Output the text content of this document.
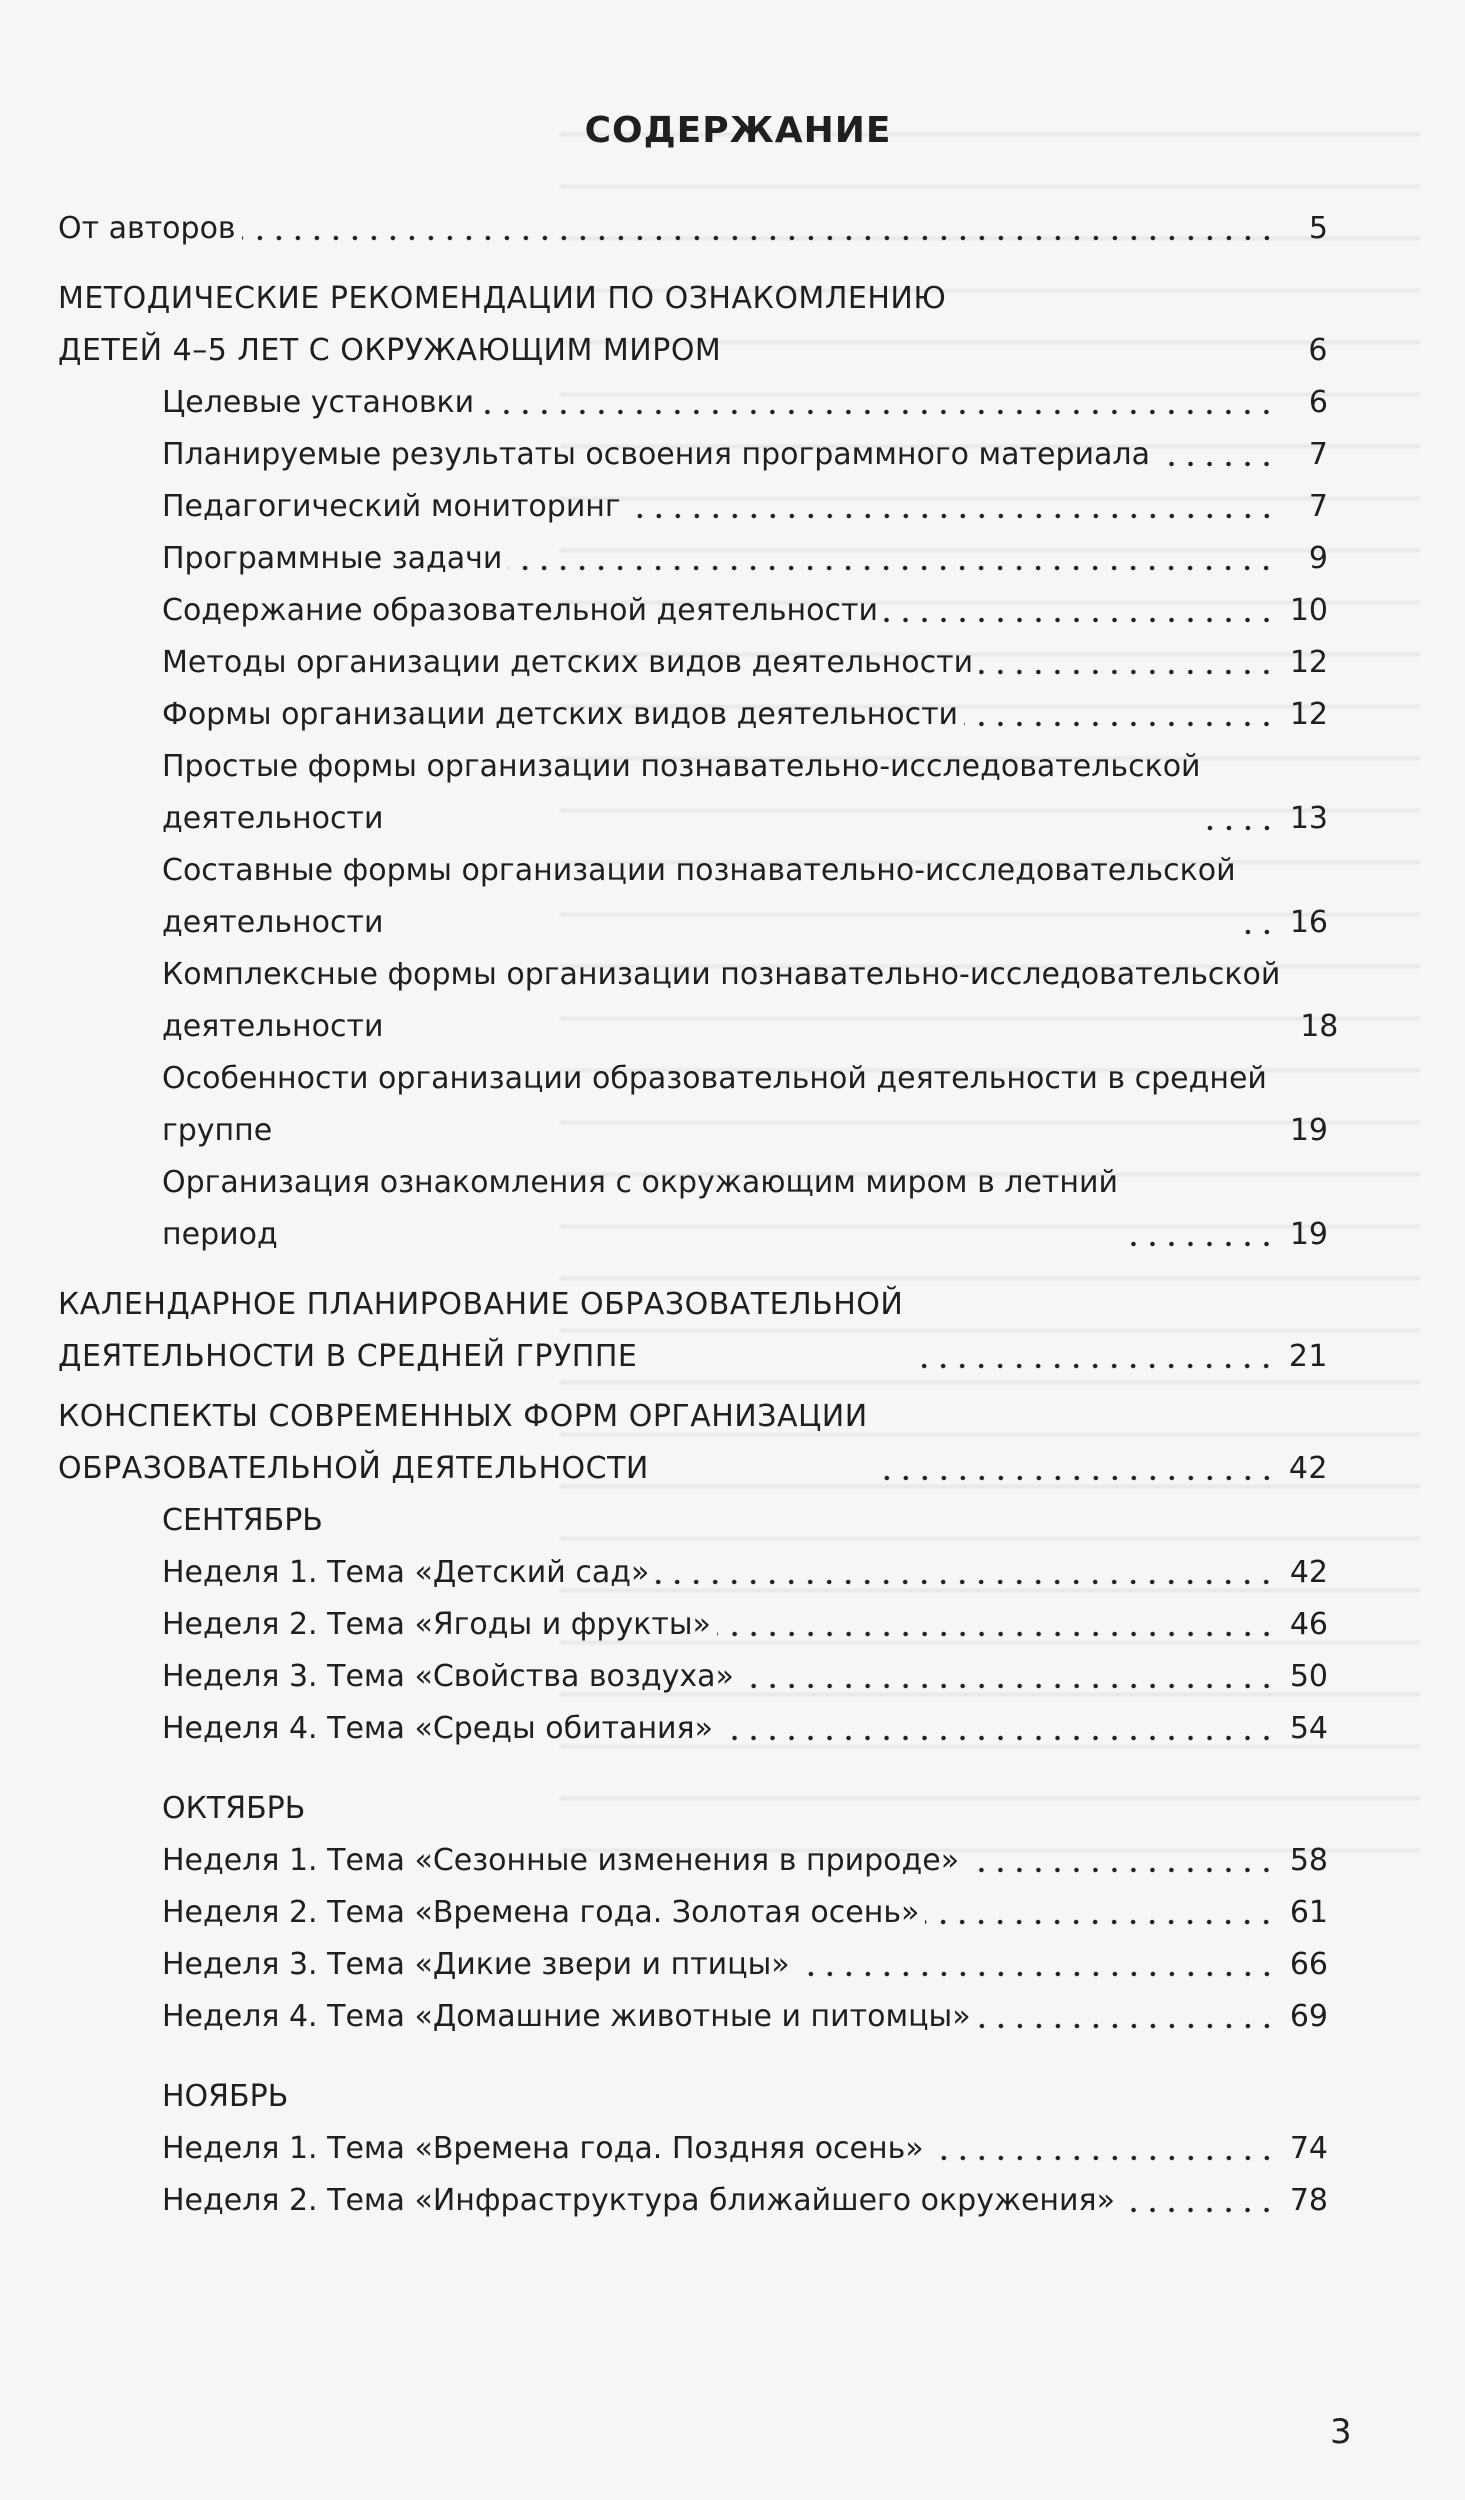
СОДЕРЖАНИЕ
От авторов	5
МЕТОДИЧЕСКИЕ РЕКОМЕНДАЦИИ ПО ОЗНАКОМЛЕНИЮ
ДЕТЕЙ 4–5 ЛЕТ С ОКРУЖАЮЩИМ МИРОМ	6
Целевые установки	6
Планируемые результаты освоения программного материала	7
Педагогический мониторинг	7
Программные задачи	9
Содержание образовательной деятельности	10
Методы организации детских видов деятельности	12
Формы организации детских видов деятельности	12
Простые формы организации познавательно-исследовательской
деятельности	13
Составные формы организации познавательно-исследовательской
деятельности	16
Комплексные формы организации познавательно-исследовательской
деятельности	18
Особенности организации образовательной деятельности в средней
группе	19
Организация ознакомления с окружающим миром в летний
период	19
КАЛЕНДАРНОЕ ПЛАНИРОВАНИЕ ОБРАЗОВАТЕЛЬНОЙ
ДЕЯТЕЛЬНОСТИ В СРЕДНЕЙ ГРУППЕ	21
КОНСПЕКТЫ СОВРЕМЕННЫХ ФОРМ ОРГАНИЗАЦИИ
ОБРАЗОВАТЕЛЬНОЙ ДЕЯТЕЛЬНОСТИ	42
СЕНТЯБРЬ
Неделя 1. Тема «Детский сад»	42
Неделя 2. Тема «Ягоды и фрукты»	46
Неделя 3. Тема «Свойства воздуха»	50
Неделя 4. Тема «Среды обитания»	54
ОКТЯБРЬ
Неделя 1. Тема «Сезонные изменения в природе»	58
Неделя 2. Тема «Времена года. Золотая осень»	61
Неделя 3. Тема «Дикие звери и птицы»	66
Неделя 4. Тема «Домашние животные и питомцы»	69
НОЯБРЬ
Неделя 1. Тема «Времена года. Поздняя осень»	74
Неделя 2. Тема «Инфраструктура ближайшего окружения»	78
3
